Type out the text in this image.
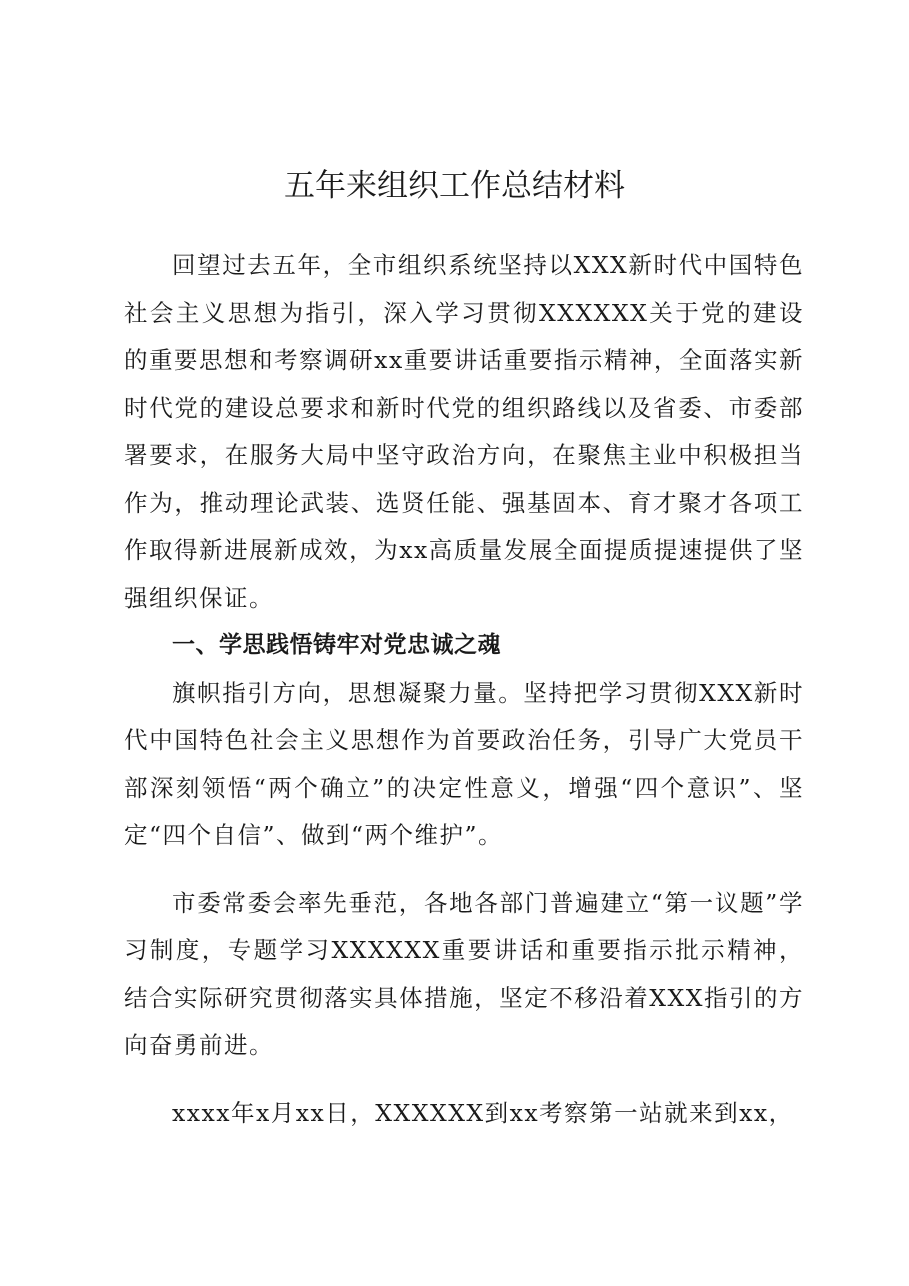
五年来组织工作总结材料

回望过去五年，全市组织系统坚持以XXX新时代中国特色社会主义思想为指引，深入学习贯彻XXXXXX关于党的建设的重要思想和考察调研xx重要讲话重要指示精神，全面落实新时代党的建设总要求和新时代党的组织路线以及省委、市委部署要求，在服务大局中坚守政治方向，在聚焦主业中积极担当作为，推动理论武装、选贤任能、强基固本、育才聚才各项工作取得新进展新成效，为xx高质量发展全面提质提速提供了坚强组织保证。

一、学思践悟铸牢对党忠诚之魂

旗帜指引方向，思想凝聚力量。坚持把学习贯彻XXX新时代中国特色社会主义思想作为首要政治任务，引导广大党员干部深刻领悟“两个确立”的决定性意义，增强“四个意识”、坚定“四个自信”、做到“两个维护”。

市委常委会率先垂范，各地各部门普遍建立“第一议题”学习制度，专题学习XXXXXX重要讲话和重要指示批示精神，结合实际研究贯彻落实具体措施，坚定不移沿着XXX指引的方向奋勇前进。

xxxx年x月xx日，XXXXXX到xx考察第一站就来到xx，
